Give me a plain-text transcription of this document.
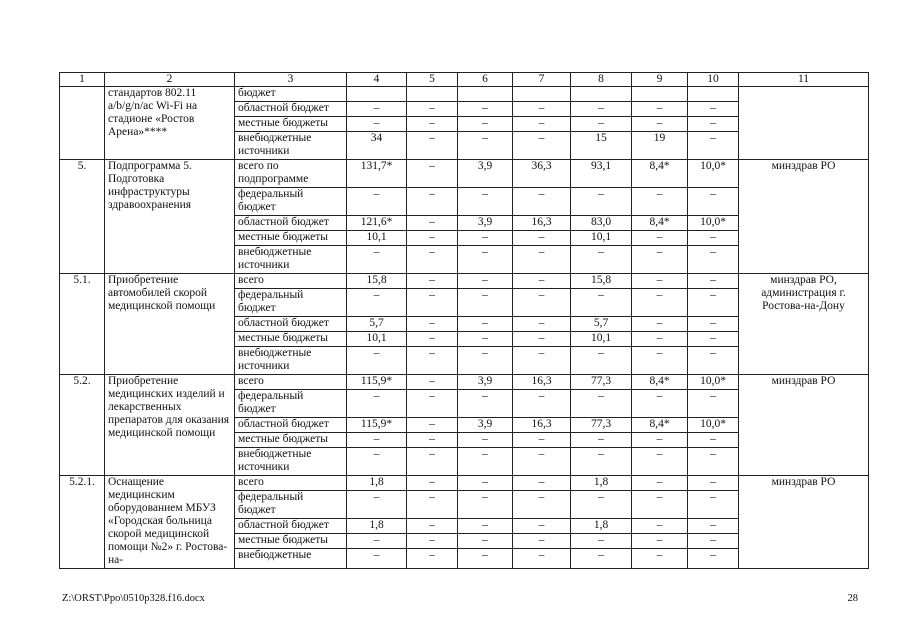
1	2	3	4	5	6	7	8	9	10	11
	стандартов 802.11 a/b/g/n/ac Wi-Fi на стадионе «Ростов Арена»****	бюджет								
		областной бюджет	–	–	–	–	–	–	–	
		местные бюджеты	–	–	–	–	–	–	–	
		внебюджетные источники	34	–	–	–	15	19	–	
5.	Подпрограмма 5. Подготовка инфраструктуры здравоохранения	всего по подпрограмме	131,7*	–	3,9	36,3	93,1	8,4*	10,0*	минздрав РО
		федеральный бюджет	–	–	–	–	–	–	–	
		областной бюджет	121,6*	–	3,9	16,3	83,0	8,4*	10,0*	
		местные бюджеты	10,1	–	–	–	10,1	–	–	
		внебюджетные источники	–	–	–	–	–	–	–	
5.1.	Приобретение автомобилей скорой медицинской помощи	всего	15,8	–	–	–	15,8	–	–	минздрав РО, администрация г. Ростова-на-Дону
		федеральный бюджет	–	–	–	–	–	–	–	
		областной бюджет	5,7	–	–	–	5,7	–	–	
		местные бюджеты	10,1	–	–	–	10,1	–	–	
		внебюджетные источники	–	–	–	–	–	–	–	
5.2.	Приобретение медицинских изделий и лекарственных препаратов для оказания медицинской помощи	всего	115,9*	–	3,9	16,3	77,3	8,4*	10,0*	минздрав РО
		федеральный бюджет	–	–	–	–	–	–	–	
		областной бюджет	115,9*	–	3,9	16,3	77,3	8,4*	10,0*	
		местные бюджеты	–	–	–	–	–	–	–	
		внебюджетные источники	–	–	–	–	–	–	–	
5.2.1.	Оснащение медицинским оборудованием МБУЗ «Городская больница скорой медицинской помощи №2» г. Ростова-на-	всего	1,8	–	–	–	1,8	–	–	минздрав РО
		федеральный бюджет	–	–	–	–	–	–	–	
		областной бюджет	1,8	–	–	–	1,8	–	–	
		местные бюджеты	–	–	–	–	–	–	–	
		внебюджетные	–	–	–	–	–	–	–	
Z:\ORST\Ppo\0510p328.f16.docx	28
